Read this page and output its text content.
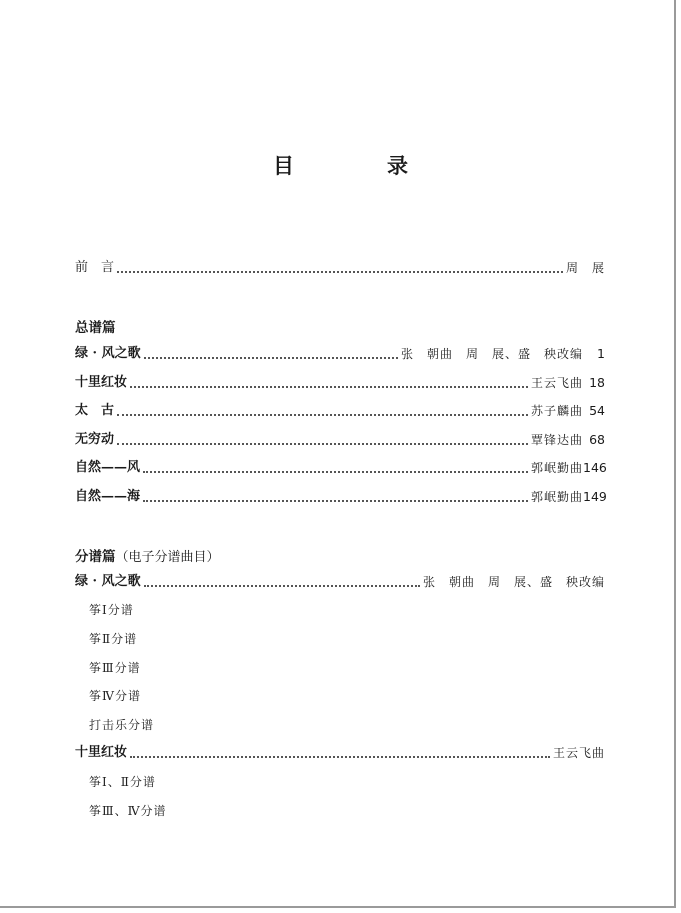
目　录
前　言	周　展
总谱篇
绿 · 风之歌	张　朝曲　周　展、盛　秧改编	1
十里红妆	王云飞曲 18
太　古	苏子麟曲 54
无穷动	覃锋达曲 68
自然——风	郭岷勤曲 146
自然——海	郭岷勤曲 149
分谱篇（电子分谱曲目）
绿 · 风之歌	张　朝曲　周　展、盛　秧改编
筝Ⅰ分谱
筝Ⅱ分谱
筝Ⅲ分谱
筝Ⅳ分谱
打击乐分谱
十里红妆	王云飞曲
筝Ⅰ、Ⅱ分谱
筝Ⅲ、Ⅳ分谱
